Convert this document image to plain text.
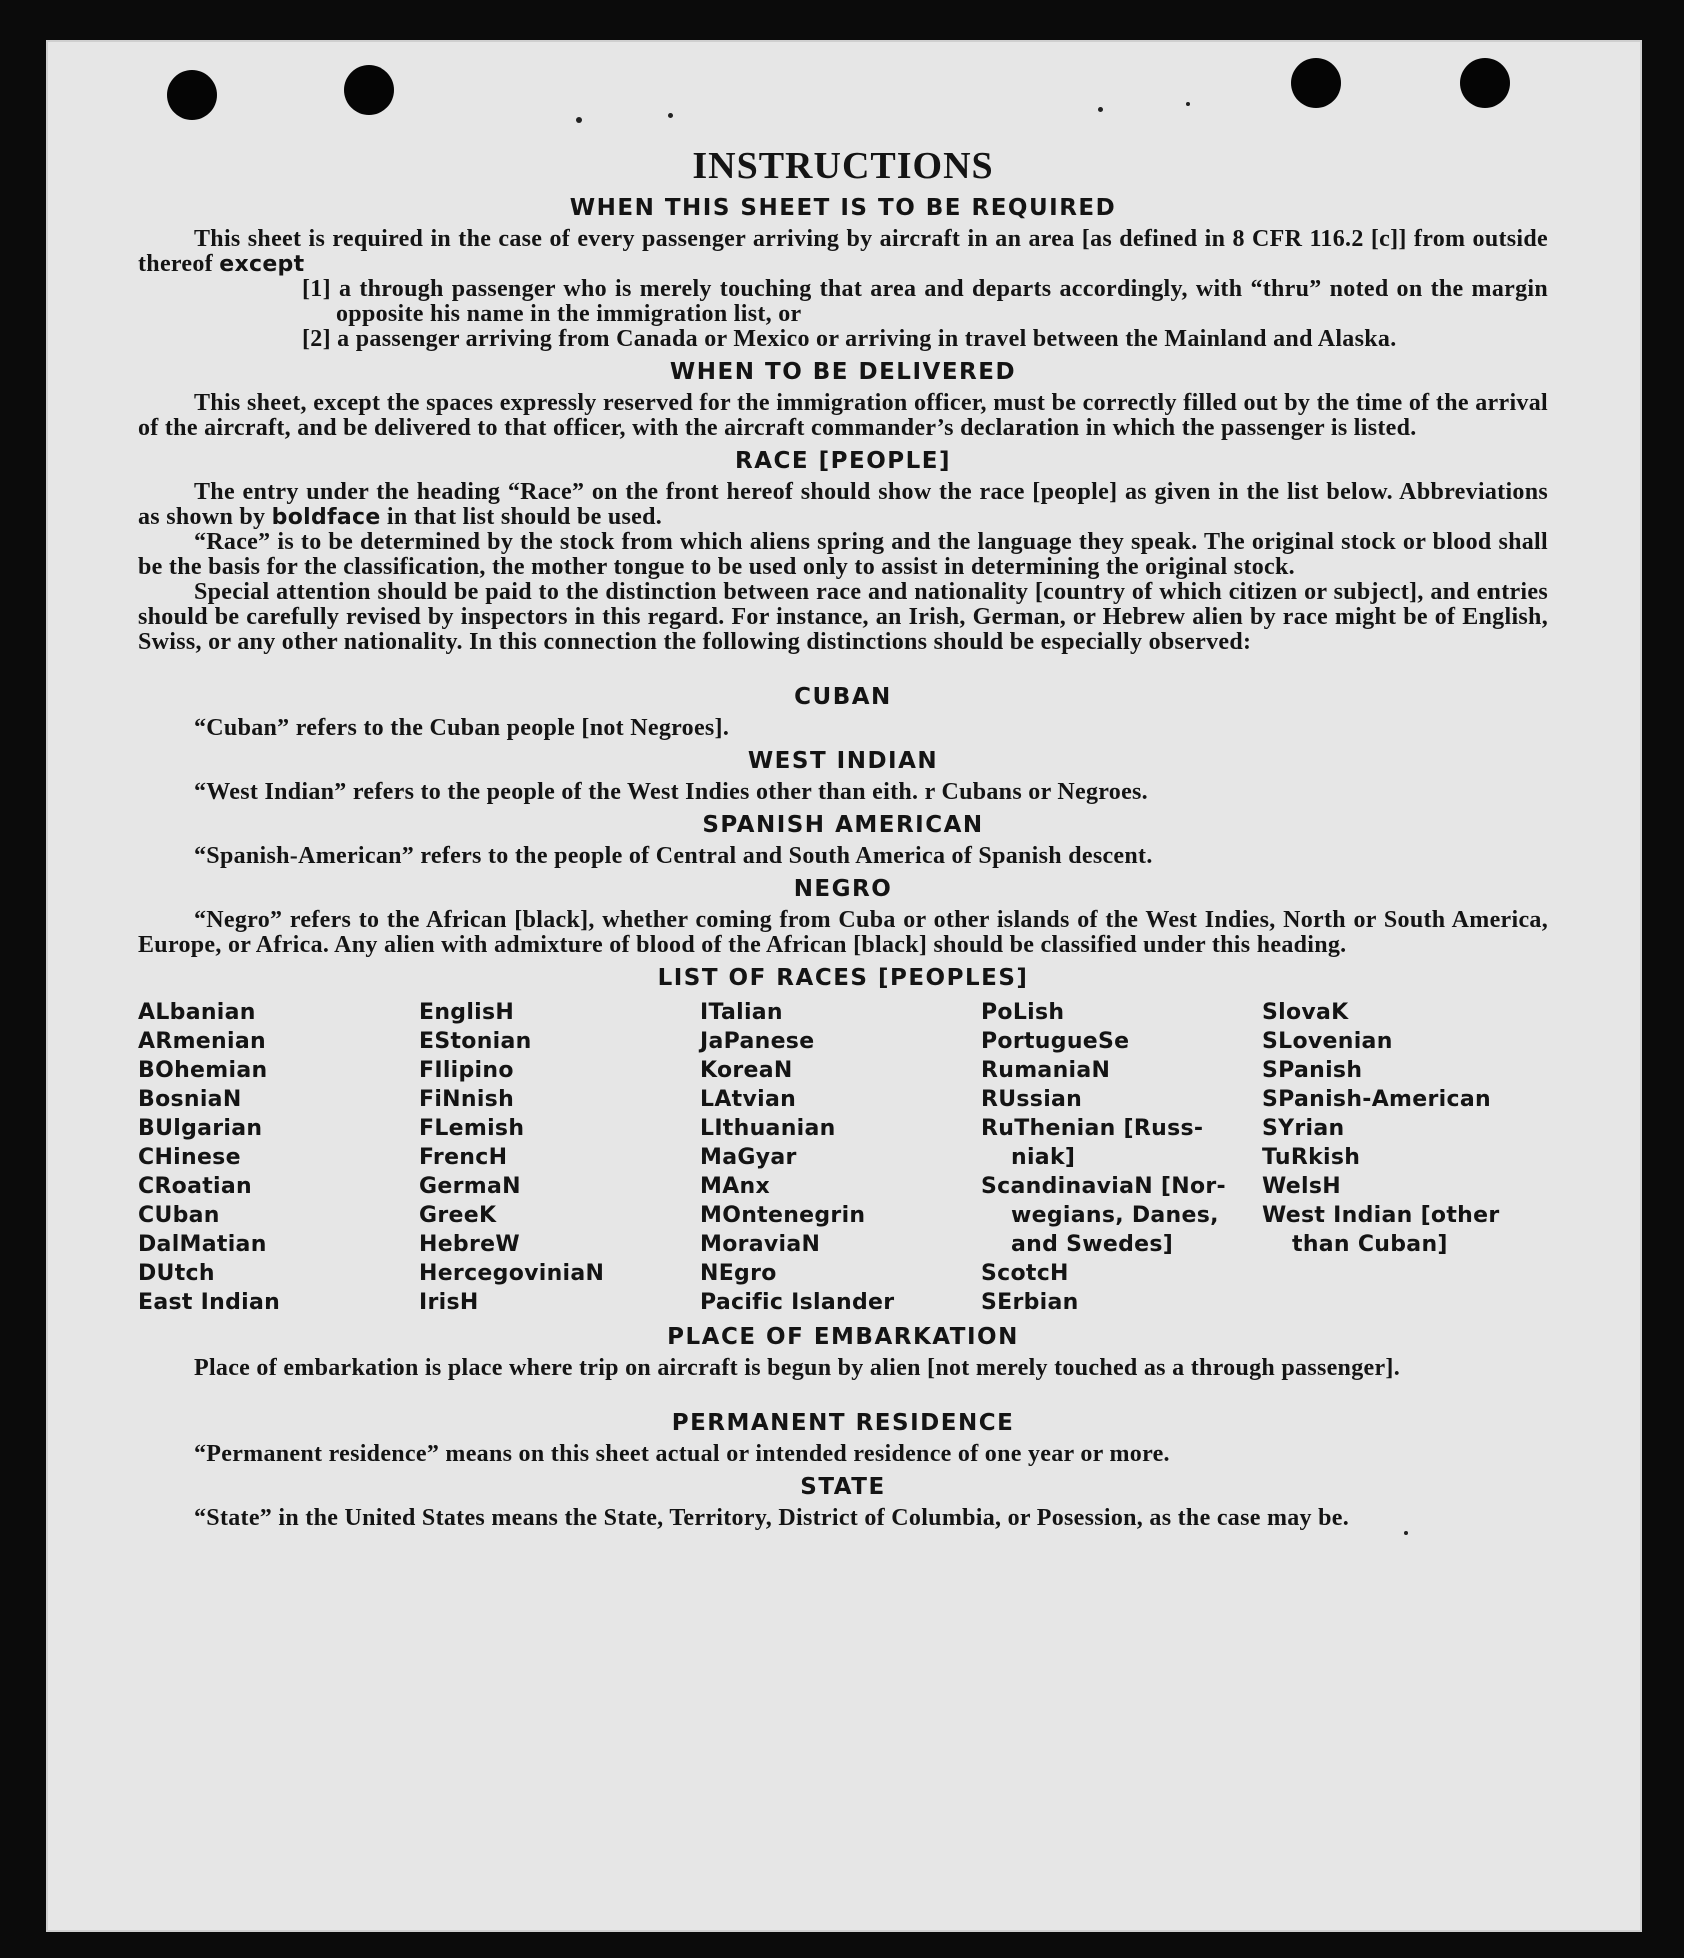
INSTRUCTIONS
WHEN THIS SHEET IS TO BE REQUIRED

This sheet is required in the case of every passenger arriving by aircraft in an area [as defined in 8 CFR 116.2 [c]] from outside thereof except

[1] a through passenger who is merely touching that area and departs accordingly, with “thru” noted on the margin opposite his name in the immigration list, or

[2] a passenger arriving from Canada or Mexico or arriving in travel between the Mainland and Alaska.

WHEN TO BE DELIVERED

This sheet, except the spaces expressly reserved for the immigration officer, must be correctly filled out by the time of the arrival of the aircraft, and be delivered to that officer, with the aircraft commander’s declaration in which the passenger is listed.

RACE [PEOPLE]

The entry under the heading “Race” on the front hereof should show the race [people] as given in the list below. Abbreviations as shown by boldface in that list should be used.

“Race” is to be determined by the stock from which aliens spring and the language they speak. The original stock or blood shall be the basis for the classification, the mother tongue to be used only to assist in determining the original stock.

Special attention should be paid to the distinction between race and nationality [country of which citizen or subject], and entries should be carefully revised by inspectors in this regard. For instance, an Irish, German, or Hebrew alien by race might be of English, Swiss, or any other nationality. In this connection the following distinctions should be especially observed:

CUBAN

“Cuban” refers to the Cuban people [not Negroes].

WEST INDIAN

“West Indian” refers to the people of the West Indies other than eith. r Cubans or Negroes.

SPANISH AMERICAN

“Spanish-American” refers to the people of Central and South America of Spanish descent.

NEGRO

“Negro” refers to the African [black], whether coming from Cuba or other islands of the West Indies, North or South America, Europe, or Africa. Any alien with admixture of blood of the African [black] should be classified under this heading.

LIST OF RACES [PEOPLES]
ALbanian
ARmenian
BOhemian
BosniaN
BUlgarian
CHinese
CRoatian
CUban
DalMatian
DUtch
East Indian
EnglisH
EStonian
FIlipino
FiNnish
FLemish
FrencH
GermaN
GreeK
HebreW
HercegoviniaN
IrisH
ITalian
JaPanese
KoreaN
LAtvian
LIthuanian
MaGyar
MAnx
MOntenegrin
MoraviaN
NEgro
Pacific Islander
PoLish
PortugueSe
RumaniaN
RUssian
RuThenian [Russ-
niak]
ScandinaviaN [Nor-
wegians, Danes,
and Swedes]
ScotcH
SErbian
SlovaK
SLovenian
SPanish
SPanish-American
SYrian
TuRkish
WelsH
West Indian [other
than Cuban]
PLACE OF EMBARKATION

Place of embarkation is place where trip on aircraft is begun by alien [not merely touched as a through passenger].

PERMANENT RESIDENCE

“Permanent residence” means on this sheet actual or intended residence of one year or more.

STATE

“State” in the United States means the State, Territory, District of Columbia, or Posession, as the case may be.
